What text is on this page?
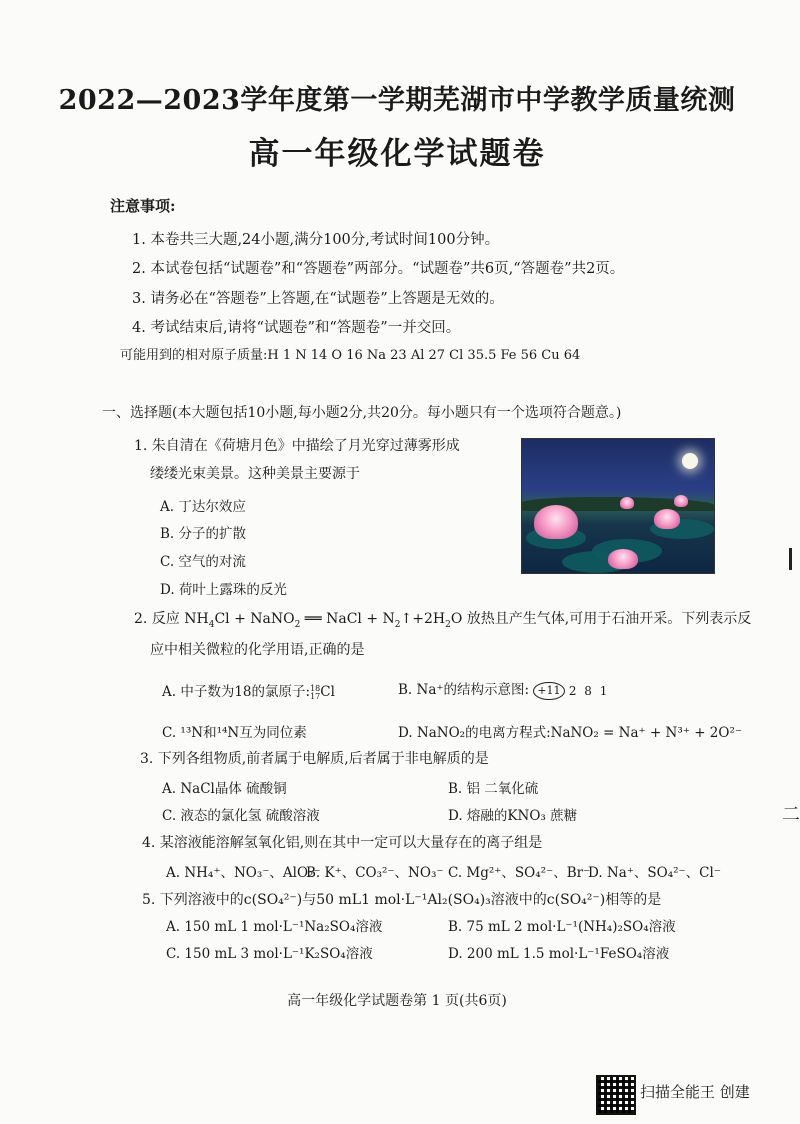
2022—2023学年度第一学期芜湖市中学教学质量统测
高一年级化学试题卷
注意事项:
1. 本卷共三大题,24小题,满分100分,考试时间100分钟。
2. 本试卷包括“试题卷”和“答题卷”两部分。“试题卷”共6页,“答题卷”共2页。
3. 请务必在“答题卷”上答题,在“试题卷”上答题是无效的。
4. 考试结束后,请将“试题卷”和“答题卷”一并交回。
可能用到的相对原子质量:H 1 N 14 O 16 Na 23 Al 27 Cl 35.5 Fe 56 Cu 64
一、选择题(本大题包括10小题,每小题2分,共20分。每小题只有一个选项符合题意。)
1. 朱自清在《荷塘月色》中描绘了月光穿过薄雾形成
缕缕光束美景。这种美景主要源于
A. 丁达尔效应
B. 分子的扩散
C. 空气的对流
D. 荷叶上露珠的反光
2. 反应 $NH_4Cl$ + NaNO$_2$ ══ NaCl + $N_2↑+2H_2O$ 放热且产生气体,可用于石油开采。下列表示反
应中相关微粒的化学用语,正确的是
A. 中子数为18的氯原子:18
17Cl	B. Na⁺的结构示意图: +11 2 8 1
C. ¹³N和¹⁴N互为同位素	D. NaNO₂的电离方程式:NaNO₂ = Na⁺ + N³⁺ + 2O²⁻
3. 下列各组物质,前者属于电解质,后者属于非电解质的是
A. NaCl晶体 硫酸铜	B. 铝 二氧化硫
C. 液态的氯化氢 硫酸溶液	D. 熔融的KNO₃ 蔗糖
4. 某溶液能溶解氢氧化铝,则在其中一定可以大量存在的离子组是
A. NH₄⁺、NO₃⁻、AlO₂⁻
B. K⁺、CO₃²⁻、NO₃⁻ C. Mg²⁺、SO₄²⁻、Br⁻
D. Na⁺、SO₄²⁻、Cl⁻
5. 下列溶液中的c(SO₄²⁻)与50 mL1 mol·L⁻¹Al₂(SO₄)₃溶液中的c(SO₄²⁻)相等的是
A. 150 mL 1 mol·L⁻¹Na₂SO₄溶液	B. 75 mL 2 mol·L⁻¹(NH₄)₂SO₄溶液
C. 150 mL 3 mol·L⁻¹K₂SO₄溶液	D. 200 mL 1.5 mol·L⁻¹FeSO₄溶液
高一年级化学试题卷第 1 页(共6页)
二
扫描全能王 创建
